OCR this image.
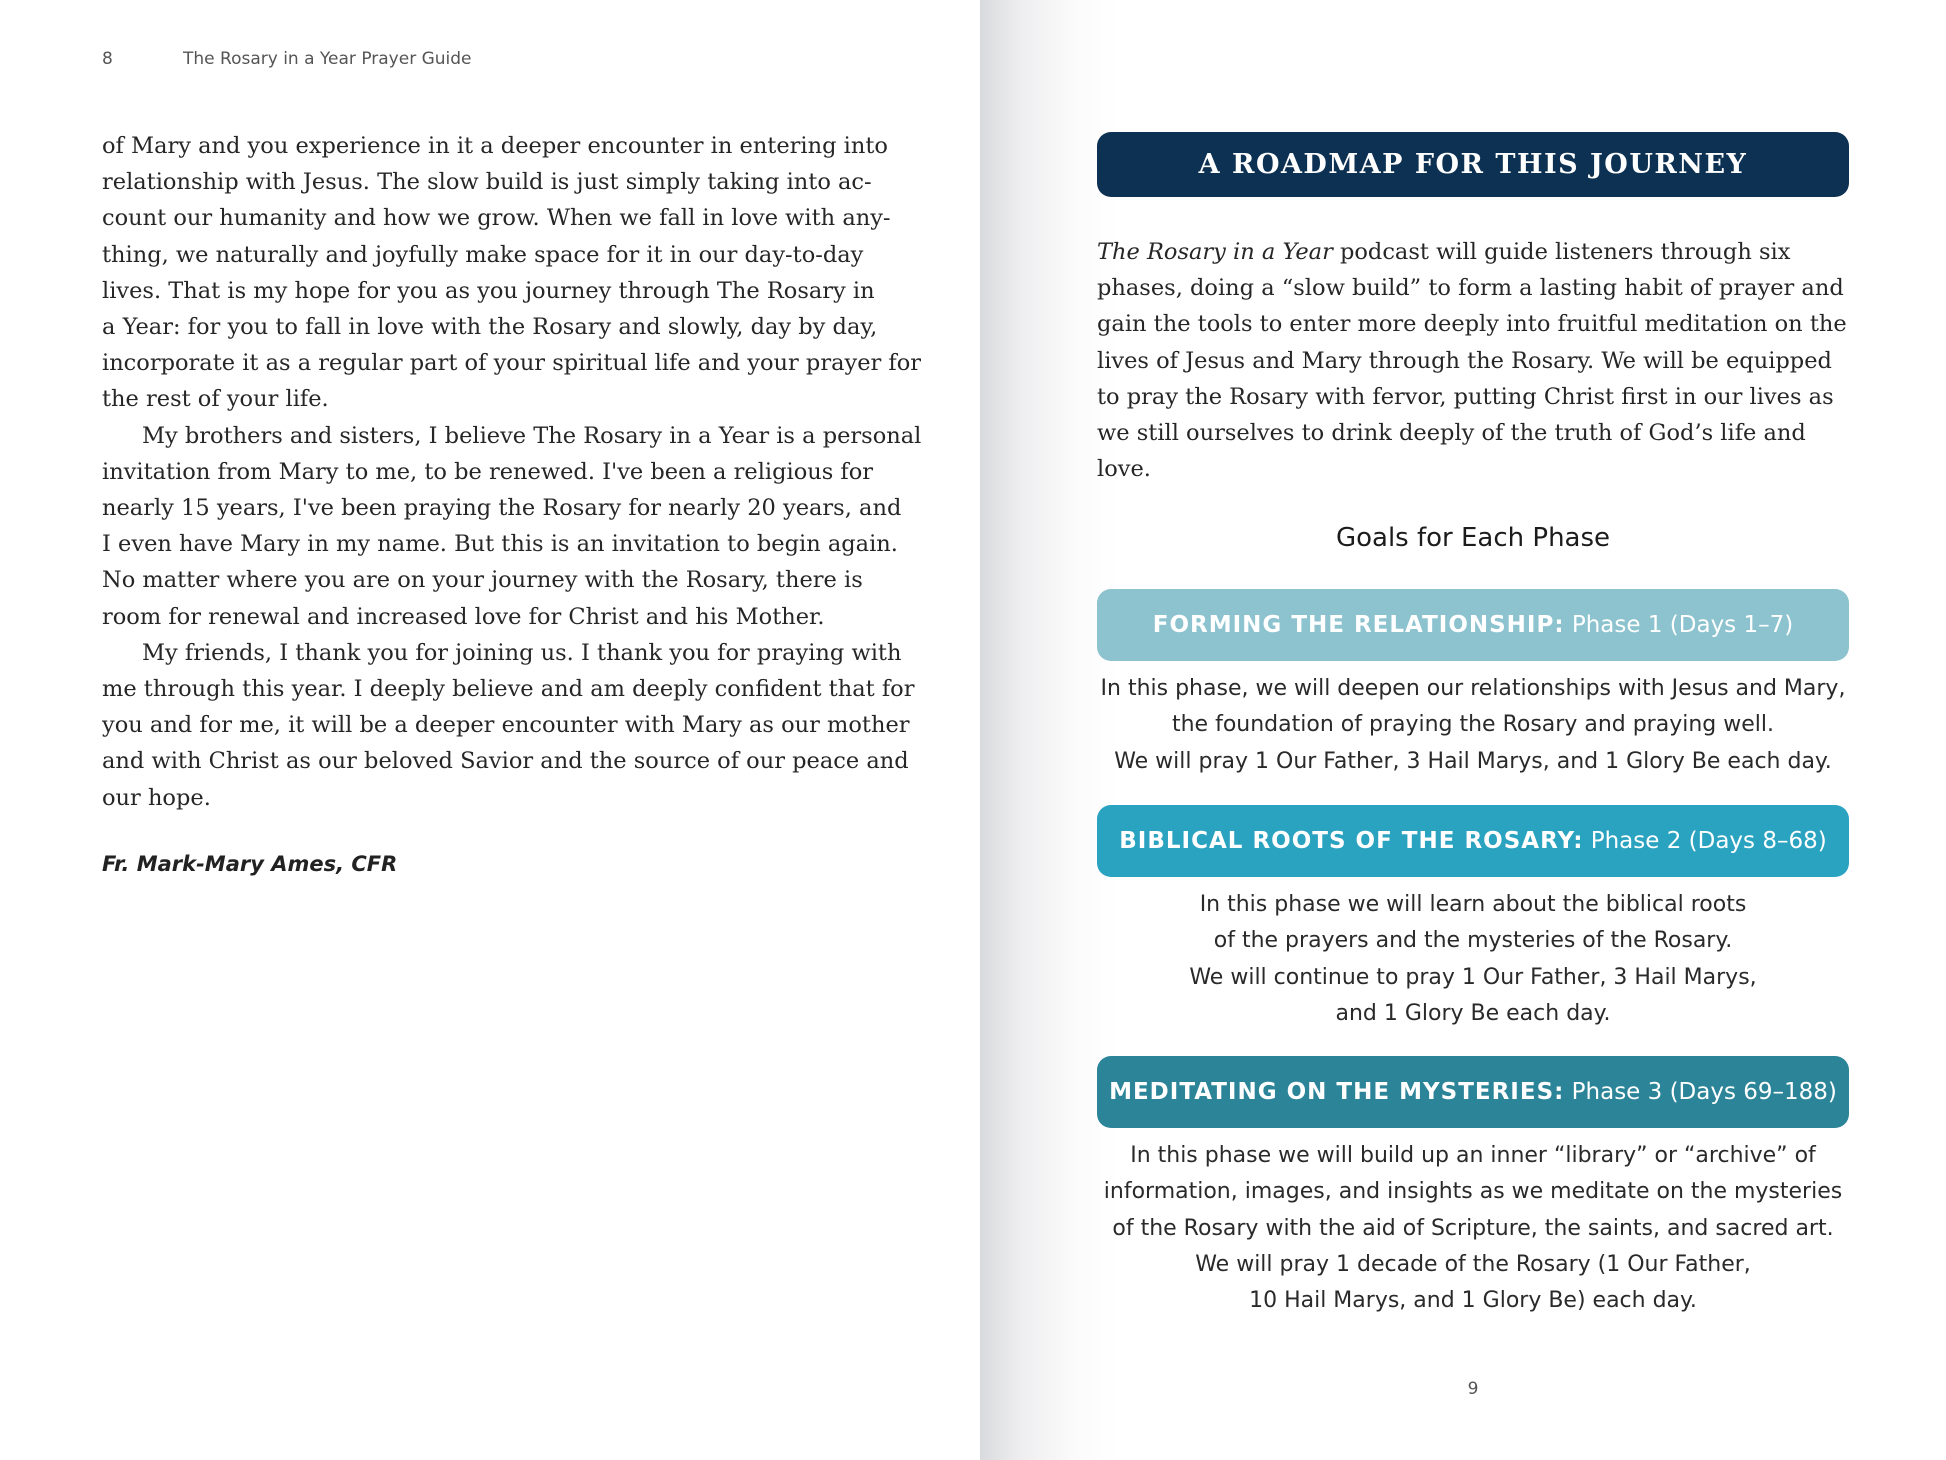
8	The Rosary in a Year Prayer Guide

of Mary and you experience in it a deeper encounter in entering into
relationship with Jesus. The slow build is just simply taking into ac-
count our humanity and how we grow. When we fall in love with any-
thing, we naturally and joyfully make space for it in our day-to-day
lives. That is my hope for you as you journey through The Rosary in
a Year: for you to fall in love with the Rosary and slowly, day by day,
incorporate it as a regular part of your spiritual life and your prayer for
the rest of your life.

My brothers and sisters, I believe The Rosary in a Year is a personal
invitation from Mary to me, to be renewed. I've been a religious for
nearly 15 years, I've been praying the Rosary for nearly 20 years, and
I even have Mary in my name. But this is an invitation to begin again.
No matter where you are on your journey with the Rosary, there is
room for renewal and increased love for Christ and his Mother.

My friends, I thank you for joining us. I thank you for praying with
me through this year. I deeply believe and am deeply confident that for
you and for me, it will be a deeper encounter with Mary as our mother
and with Christ as our beloved Savior and the source of our peace and
our hope.

Fr. Mark-Mary Ames, CFR
A ROADMAP FOR THIS JOURNEY
The Rosary in a Year podcast will guide listeners through six phases, doing a “slow build” to form a lasting habit of prayer and gain the tools to enter more deeply into fruitful meditation on the lives of Jesus and Mary through the Rosary. We will be equipped to pray the Rosary with fervor, putting Christ first in our lives as we still ourselves to drink deeply of the truth of God’s life and love.
Goals for Each Phase
FORMING THE RELATIONSHIP: Phase 1 (Days 1–7)
In this phase, we will deepen our relationships with Jesus and Mary,
the foundation of praying the Rosary and praying well.
We will pray 1 Our Father, 3 Hail Marys, and 1 Glory Be each day.
BIBLICAL ROOTS OF THE ROSARY: Phase 2 (Days 8–68)
In this phase we will learn about the biblical roots
of the prayers and the mysteries of the Rosary.
We will continue to pray 1 Our Father, 3 Hail Marys,
and 1 Glory Be each day.
MEDITATING ON THE MYSTERIES: Phase 3 (Days 69–188)
In this phase we will build up an inner “library” or “archive” of
information, images, and insights as we meditate on the mysteries
of the Rosary with the aid of Scripture, the saints, and sacred art.
We will pray 1 decade of the Rosary (1 Our Father,
10 Hail Marys, and 1 Glory Be) each day.
9
